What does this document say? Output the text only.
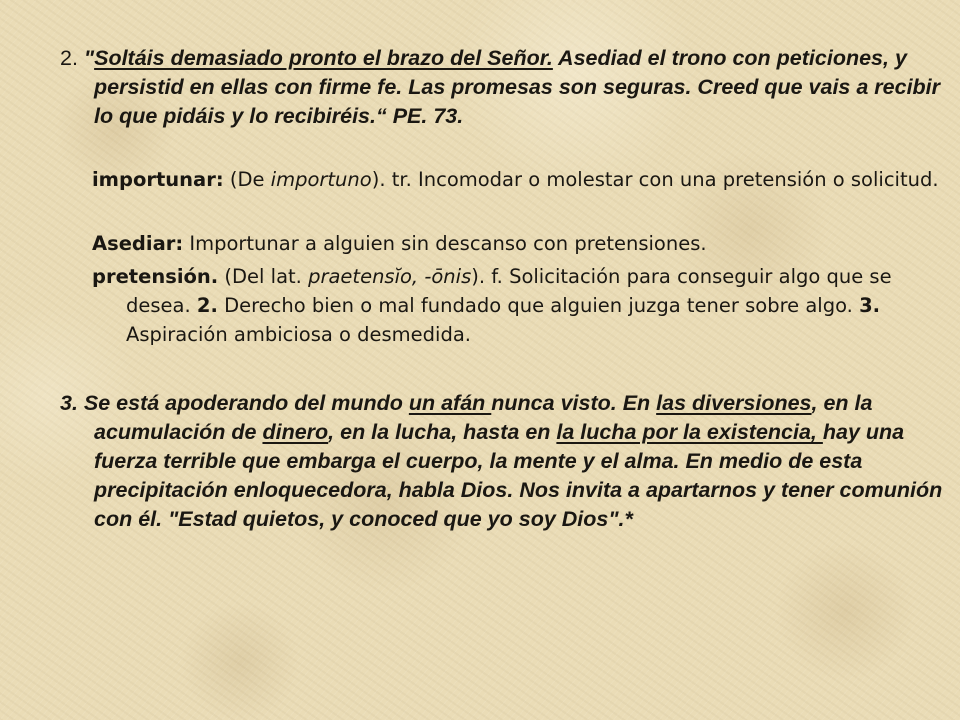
2. "Soltáis demasiado pronto el brazo del Señor. Asediad el trono con peticiones, y persistid en ellas con firme fe. Las promesas son seguras. Creed que vais a recibir lo que pidáis y lo recibiréis.“ PE. 73.

importunar: (De importuno). tr. Incomodar o molestar con una pretensión o solicitud.

Asediar: Importunar a alguien sin descanso con pretensiones.

pretensión. (Del lat. praetensĭo, -ōnis). f. Solicitación para conseguir algo que se desea. 2. Derecho bien o mal fundado que alguien juzga tener sobre algo. 3. Aspiración ambiciosa o desmedida.

3. Se está apoderando del mundo un afán nunca visto. En las diversiones, en la acumulación de dinero, en la lucha, hasta en la lucha por la existencia, hay una fuerza terrible que embarga el cuerpo, la mente y el alma. En medio de esta precipitación enloquecedora, habla Dios. Nos invita a apartarnos y tener comunión con él. "Estad quietos, y conoced que yo soy Dios".*
